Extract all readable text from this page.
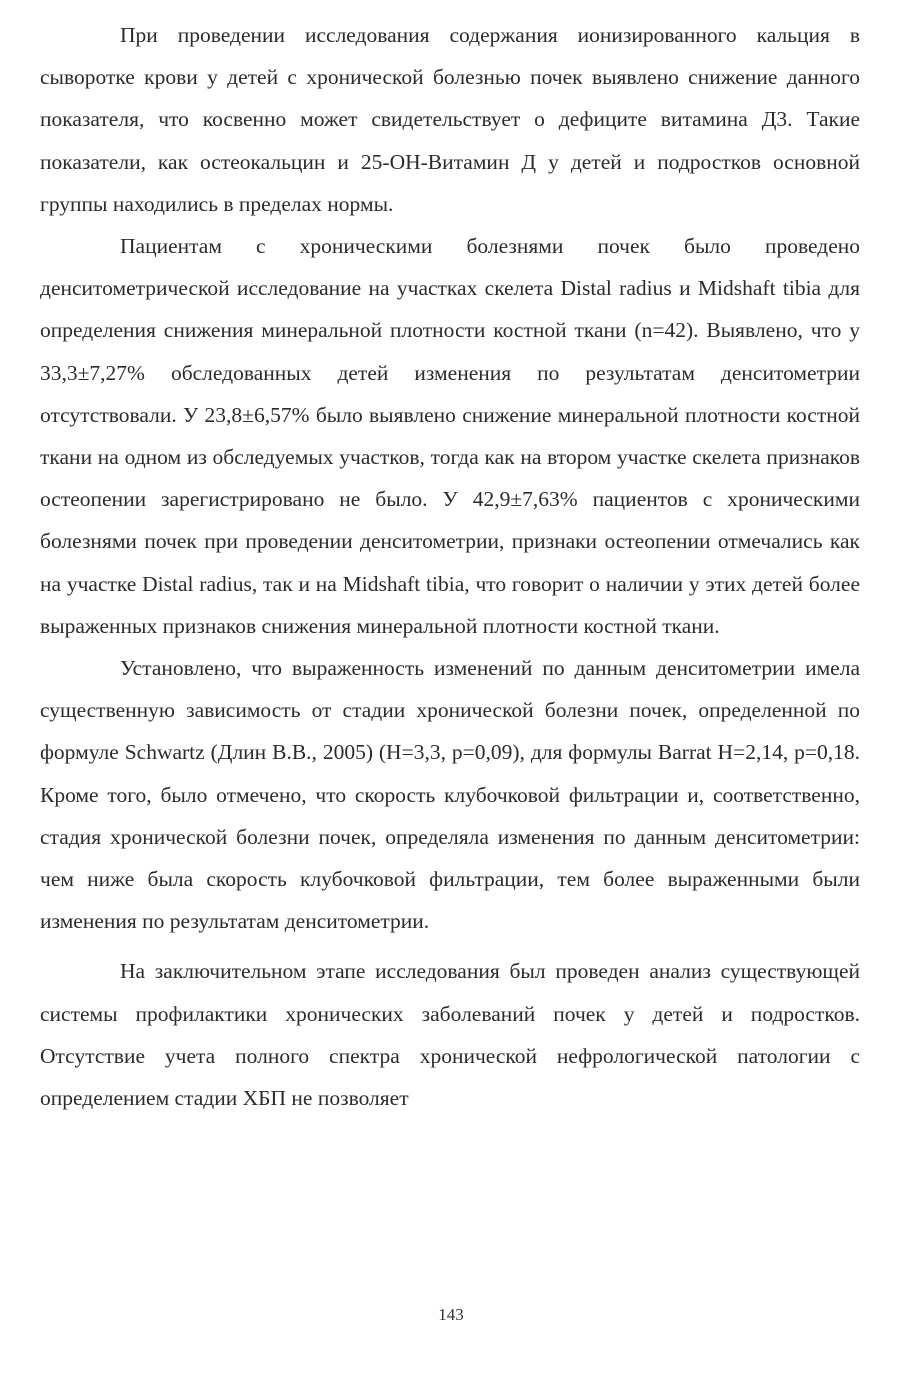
При проведении исследования содержания ионизированного кальция в сыворотке крови у детей с хронической болезнью почек выявлено снижение данного показателя, что косвенно может свидетельствует о дефиците витамина Д3. Такие показатели, как остеокальцин и 25-ОН-Витамин Д у детей и подростков основной группы находились в пределах нормы.

Пациентам с хроническими болезнями почек было проведено денситометрической исследование на участках скелета Distal radius и Midshaft tibia для определения снижения минеральной плотности костной ткани (n=42). Выявлено, что у 33,3±7,27% обследованных детей изменения по результатам денситометрии отсутствовали. У 23,8±6,57% было выявлено снижение минеральной плотности костной ткани на одном из обследуемых участков, тогда как на втором участке скелета признаков остеопении зарегистрировано не было. У 42,9±7,63% пациентов с хроническими болезнями почек при проведении денситометрии, признаки остеопении отмечались как на участке Distal radius, так и на Midshaft tibia, что говорит о наличии у этих детей более выраженных признаков снижения минеральной плотности костной ткани.

Установлено, что выраженность изменений по данным денситометрии имела существенную зависимость от стадии хронической болезни почек, определенной по формуле Schwartz (Длин В.В., 2005) (Н=3,3, р=0,09), для формулы Barrat Н=2,14, р=0,18. Кроме того, было отмечено, что скорость клубочковой фильтрации и, соответственно, стадия хронической болезни почек, определяла изменения по данным денситометрии: чем ниже была скорость клубочковой фильтрации, тем более выраженными были изменения по результатам денситометрии.

На заключительном этапе исследования был проведен анализ существующей системы профилактики хронических заболеваний почек у детей и подростков. Отсутствие учета полного спектра хронической нефрологической патологии с определением стадии ХБП не позволяет

143
